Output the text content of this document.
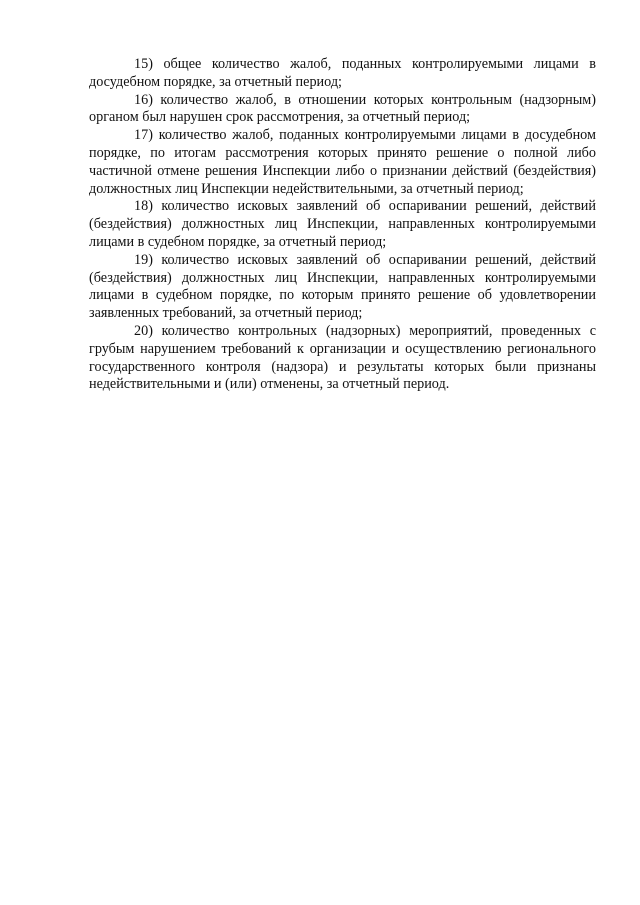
15) общее количество жалоб, поданных контролируемыми лицами в досудебном порядке, за отчетный период;

16) количество жалоб, в отношении которых контрольным (надзорным) органом был нарушен срок рассмотрения, за отчетный период;

17) количество жалоб, поданных контролируемыми лицами в досудебном порядке, по итогам рассмотрения которых принято решение о полной либо частичной отмене решения Инспекции либо о признании действий (бездействия) должностных лиц Инспекции недействительными, за отчетный период;

18) количество исковых заявлений об оспаривании решений, действий (бездействия) должностных лиц Инспекции, направленных контролируемыми лицами в судебном порядке, за отчетный период;

19) количество исковых заявлений об оспаривании решений, действий (бездействия) должностных лиц Инспекции, направленных контролируемыми лицами в судебном порядке, по которым принято решение об удовлетворении заявленных требований, за отчетный период;

20) количество контрольных (надзорных) мероприятий, проведенных с грубым нарушением требований к организации и осуществлению регионального государственного контроля (надзора) и результаты которых были признаны недействительными и (или) отменены, за отчетный период.
